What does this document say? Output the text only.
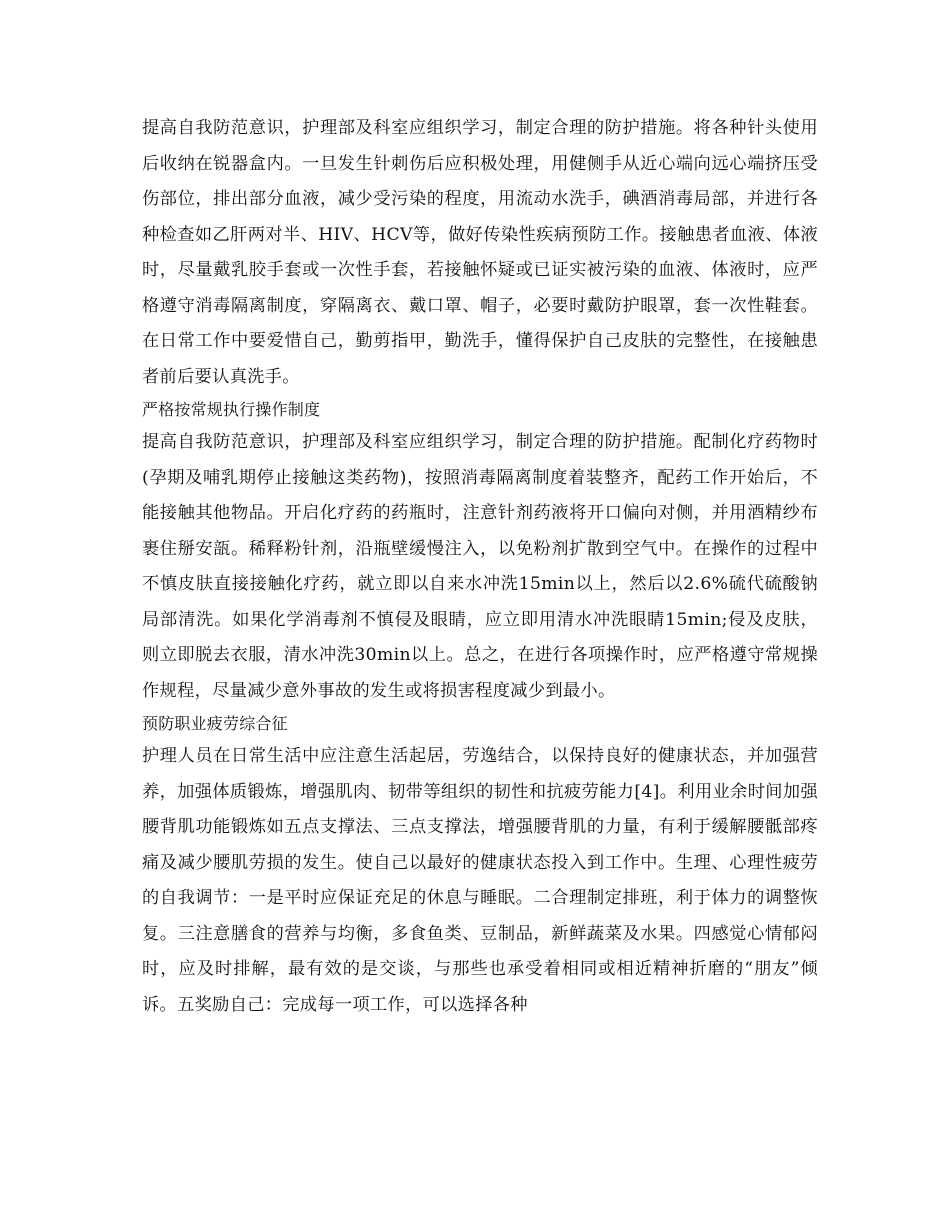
提高自我防范意识，护理部及科室应组织学习，制定合理的防护措施。将各种针头使用后收纳在锐器盒内。一旦发生针刺伤后应积极处理，用健侧手从近心端向远心端挤压受伤部位，排出部分血液，减少受污染的程度，用流动水洗手，碘酒消毒局部，并进行各种检查如乙肝两对半、HIV、HCV等，做好传染性疾病预防工作。接触患者血液、体液时，尽量戴乳胶手套或一次性手套，若接触怀疑或已证实被污染的血液、体液时，应严格遵守消毒隔离制度，穿隔离衣、戴口罩、帽子，必要时戴防护眼罩，套一次性鞋套。在日常工作中要爱惜自己，勤剪指甲，勤洗手，懂得保护自己皮肤的完整性，在接触患者前后要认真洗手。

严格按常规执行操作制度

提高自我防范意识，护理部及科室应组织学习，制定合理的防护措施。配制化疗药物时(孕期及哺乳期停止接触这类药物)，按照消毒隔离制度着装整齐，配药工作开始后，不能接触其他物品。开启化疗药的药瓶时，注意针剂药液将开口偏向对侧，并用酒精纱布裹住掰安瓿。稀释粉针剂，沿瓶壁缓慢注入，以免粉剂扩散到空气中。在操作的过程中不慎皮肤直接接触化疗药，就立即以自来水冲洗15min以上，然后以2.6%硫代硫酸钠局部清洗。如果化学消毒剂不慎侵及眼睛，应立即用清水冲洗眼睛15min;侵及皮肤，则立即脱去衣服，清水冲洗30min以上。总之，在进行各项操作时，应严格遵守常规操作规程，尽量减少意外事故的发生或将损害程度减少到最小。

预防职业疲劳综合征

护理人员在日常生活中应注意生活起居，劳逸结合，以保持良好的健康状态，并加强营养，加强体质锻炼，增强肌肉、韧带等组织的韧性和抗疲劳能力[4]。利用业余时间加强腰背肌功能锻炼如五点支撑法、三点支撑法，增强腰背肌的力量，有利于缓解腰骶部疼痛及减少腰肌劳损的发生。使自己以最好的健康状态投入到工作中。生理、心理性疲劳的自我调节：一是平时应保证充足的休息与睡眠。二合理制定排班，利于体力的调整恢复。三注意膳食的营养与均衡，多食鱼类、豆制品，新鲜蔬菜及水果。四感觉心情郁闷时，应及时排解，最有效的是交谈，与那些也承受着相同或相近精神折磨的“朋友”倾诉。五奖励自己：完成每一项工作，可以选择各种
